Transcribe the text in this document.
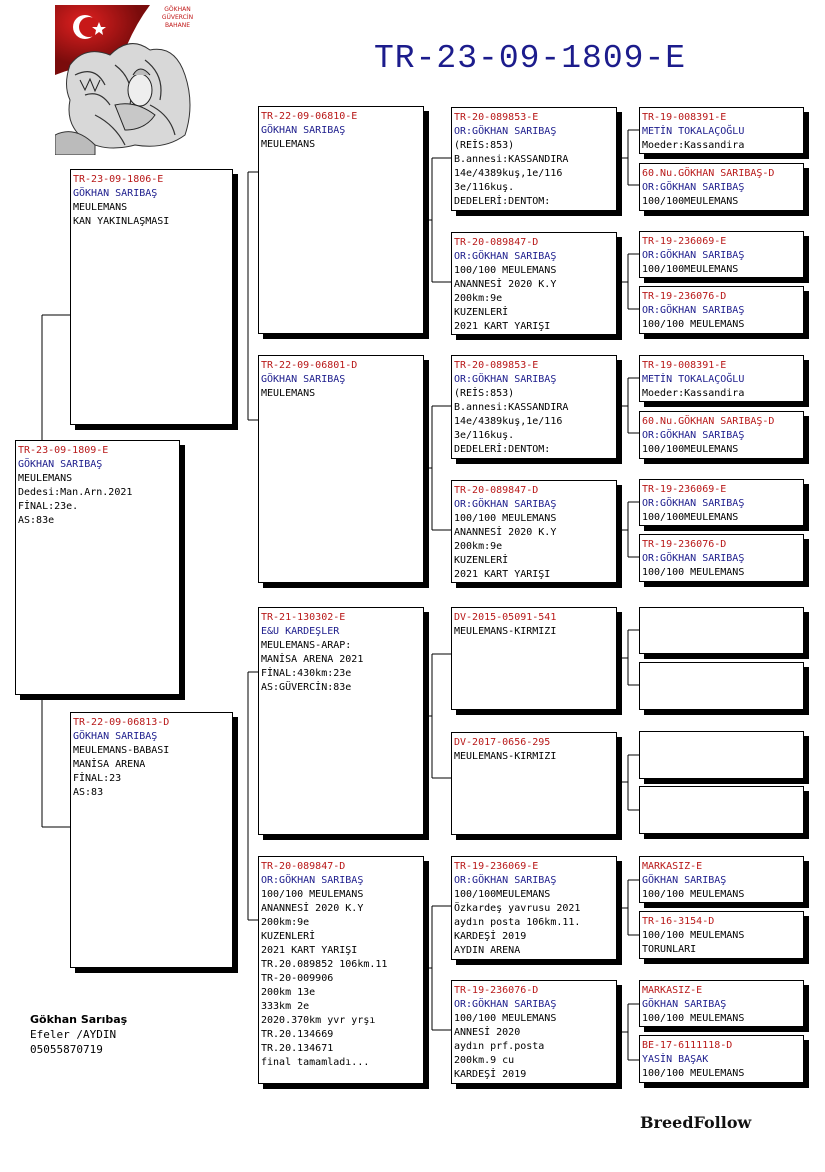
GÖKHAN GÜVERCİN BAHANE
TR-23-09-1809-E
TR-23-09-1809-E
GÖKHAN SARIBAŞ
MEULEMANS
Dedesi:Man.Arn.2021
FİNAL:23e.
AS:83e
TR-23-09-1806-E
GÖKHAN SARIBAŞ
MEULEMANS
KAN YAKINLAŞMASI
TR-22-09-06813-D
GÖKHAN SARIBAŞ
MEULEMANS-BABASI
MANİSA ARENA
FİNAL:23
AS:83
TR-22-09-06810-E
GÖKHAN SARIBAŞ
MEULEMANS
TR-22-09-06801-D
GÖKHAN SARIBAŞ
MEULEMANS
TR-21-130302-E
E&U KARDEŞLER
MEULEMANS-ARAP:
MANİSA ARENA 2021
FİNAL:430km:23e
AS:GÜVERCİN:83e
TR-20-089847-D
OR:GÖKHAN SARIBAŞ
100/100 MEULEMANS
ANANNESİ 2020 K.Y
200km:9e
KUZENLERİ
2021 KART YARIŞI
TR.20.089852 106km.11
TR-20-009906
200km 13e
333km 2e
2020.370km yvr yrşı
TR.20.134669
TR.20.134671
final tamamladı...
TR-20-089853-E
OR:GÖKHAN SARIBAŞ
(REİS:853)
B.annesi:KASSANDIRA
14e/4389kuş,1e/116
3e/116kuş.
DEDELERİ:DENTOM:
TR-20-089847-D
OR:GÖKHAN SARIBAŞ
100/100 MEULEMANS
ANANNESİ 2020 K.Y
200km:9e
KUZENLERİ
2021 KART YARIŞI
TR-20-089853-E
OR:GÖKHAN SARIBAŞ
(REİS:853)
B.annesi:KASSANDIRA
14e/4389kuş,1e/116
3e/116kuş.
DEDELERİ:DENTOM:
TR-20-089847-D
OR:GÖKHAN SARIBAŞ
100/100 MEULEMANS
ANANNESİ 2020 K.Y
200km:9e
KUZENLERİ
2021 KART YARIŞI
DV-2015-05091-541
MEULEMANS-KIRMIZI
DV-2017-0656-295
MEULEMANS-KIRMIZI
TR-19-236069-E
OR:GÖKHAN SARIBAŞ
100/100MEULEMANS
Özkardeş yavrusu 2021
aydın posta 106km.11.
KARDEŞİ 2019
AYDIN ARENA
TR-19-236076-D
OR:GÖKHAN SARIBAŞ
100/100 MEULEMANS
ANNESİ 2020
aydın prf.posta
200km.9 cu
KARDEŞİ 2019
TR-19-008391-E
METİN TOKALAÇOĞLU
Moeder:Kassandira
60.Nu.GÖKHAN SARIBAŞ-D
OR:GÖKHAN SARIBAŞ
100/100MEULEMANS
TR-19-236069-E
OR:GÖKHAN SARIBAŞ
100/100MEULEMANS
TR-19-236076-D
OR:GÖKHAN SARIBAŞ
100/100 MEULEMANS
TR-19-008391-E
METİN TOKALAÇOĞLU
Moeder:Kassandira
60.Nu.GÖKHAN SARIBAŞ-D
OR:GÖKHAN SARIBAŞ
100/100MEULEMANS
TR-19-236069-E
OR:GÖKHAN SARIBAŞ
100/100MEULEMANS
TR-19-236076-D
OR:GÖKHAN SARIBAŞ
100/100 MEULEMANS
MARKASIZ-E
GÖKHAN SARIBAŞ
100/100 MEULEMANS
TR-16-3154-D
100/100 MEULEMANS
TORUNLARI
MARKASIZ-E
GÖKHAN SARIBAŞ
100/100 MEULEMANS
BE-17-6111118-D
YASİN BAŞAK
100/100 MEULEMANS
Gökhan Sarıbaş
Efeler /AYDIN
05055870719
BreedFollow
